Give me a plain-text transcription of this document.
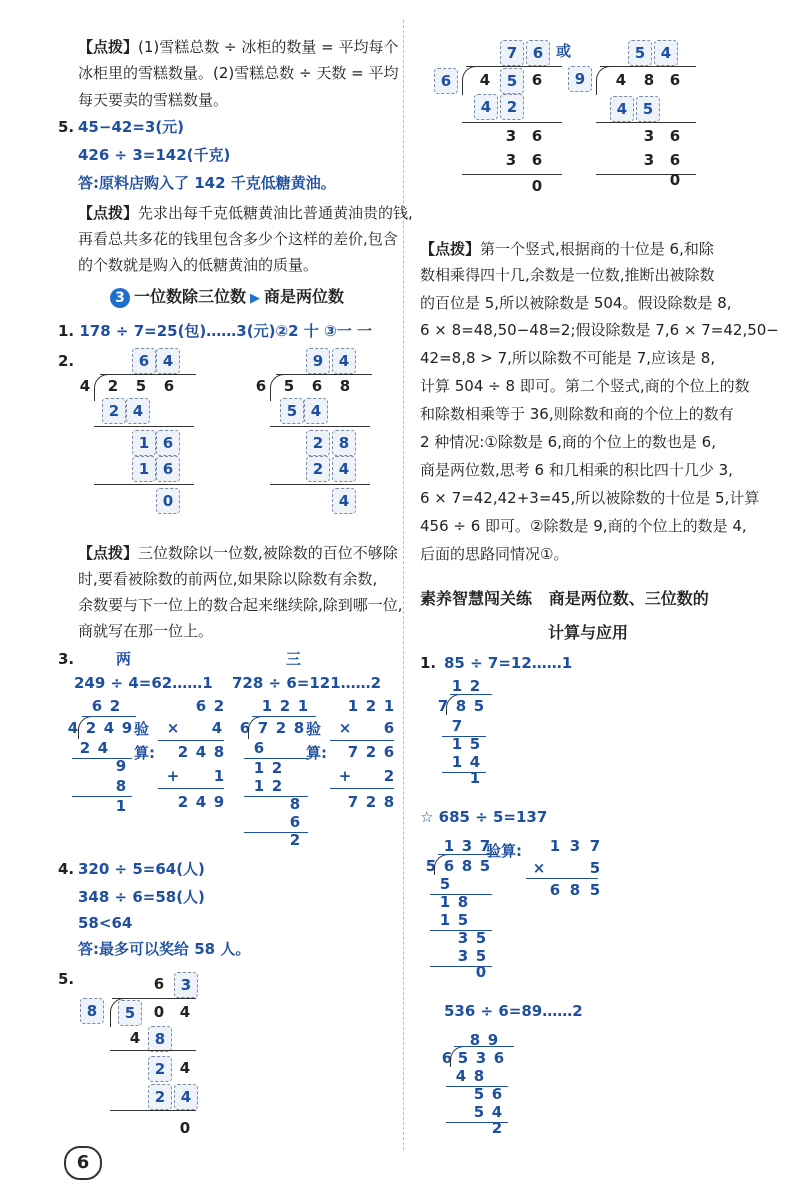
【点拨】(1)雪糕总数 ÷ 冰柜的数量 = 平均每个
冰柜里的雪糕数量。(2)雪糕总数 ÷ 天数 = 平均
每天要卖的雪糕数量。
5. 45−42=3(元)
426 ÷ 3=142(千克)
答:原料店购入了 142 千克低糖黄油。
【点拨】先求出每千克低糖黄油比普通黄油贵的钱,
再看总共多花的钱里包含多少个这样的差价,包含
的个数就是购入的低糖黄油的质量。
3 一位数除三位数 ▶ 商是两位数
1. 178 ÷ 7=25(包)……3(元)②2 十 ③一 一
2.
【点拨】三位数除以一位数,被除数的百位不够除
时,要看被除数的前两位,如果除以除数有余数,
余数要与下一位上的数合起来继续除,除到哪一位,
商就写在那一位上。
3.	两	三
249 ÷ 4=62……1 728 ÷ 6=121……2
验
算:
验
算:
4. 320 ÷ 5=64(人)
348 ÷ 6=58(人)
58<64
答:最多可以奖给 58 人。
5.
或
【点拨】第一个竖式,根据商的十位是 6,和除
数相乘得四十几,余数是一位数,推断出被除数
的百位是 5,所以被除数是 504。假设除数是 8,
6 × 8=48,50−48=2;假设除数是 7,6 × 7=42,50−
42=8,8 > 7,所以除数不可能是 7,应该是 8,
计算 504 ÷ 8 即可。第二个竖式,商的个位上的数
和除数相乘等于 36,则除数和商的个位上的数有
2 种情况:①除数是 6,商的个位上的数也是 6,
商是两位数,思考 6 和几相乘的积比四十几少 3,
6 × 7=42,42+3=45,所以被除数的十位是 5,计算
456 ÷ 6 即可。②除数是 9,商的个位上的数是 4,
后面的思路同情况①。
素养智慧闯关练 商是两位数、三位数的
计算与应用
1. 85 ÷ 7=12……1
☆ 685 ÷ 5=137
验算:
536 ÷ 6=89……2
6
6 4
4	2	5	6
2 4
1 6
1 6
0
9	4
6	5	6	8
5 4
2	8
2	4
4
6 2
4 2 4 9
2 4
9
8
1
6 2
×	4
2 4 8
+	1
2 4 9
1 2 1
6 7 2 8
6
1 2
1 2
8
6
2
1 2 1
×	6
7 2 6
+	2
7 2 8
6	3
8	5	0	4
4 8
2 4
2	4
0
7	6
6	4	5 6
4	2
3	6
3	6
0
5	4
9	4	8	6
4	5
3	6
3	6
0
1 2
7 8 5
7
1 5
1 4
1
1 3 7
5 6 8 5
5
1 8
1 5
3 5
3 5
0
1 3 7
×	5
6 8 5
8 9
6 5 3 6
4 8
5 6
5 4
2
